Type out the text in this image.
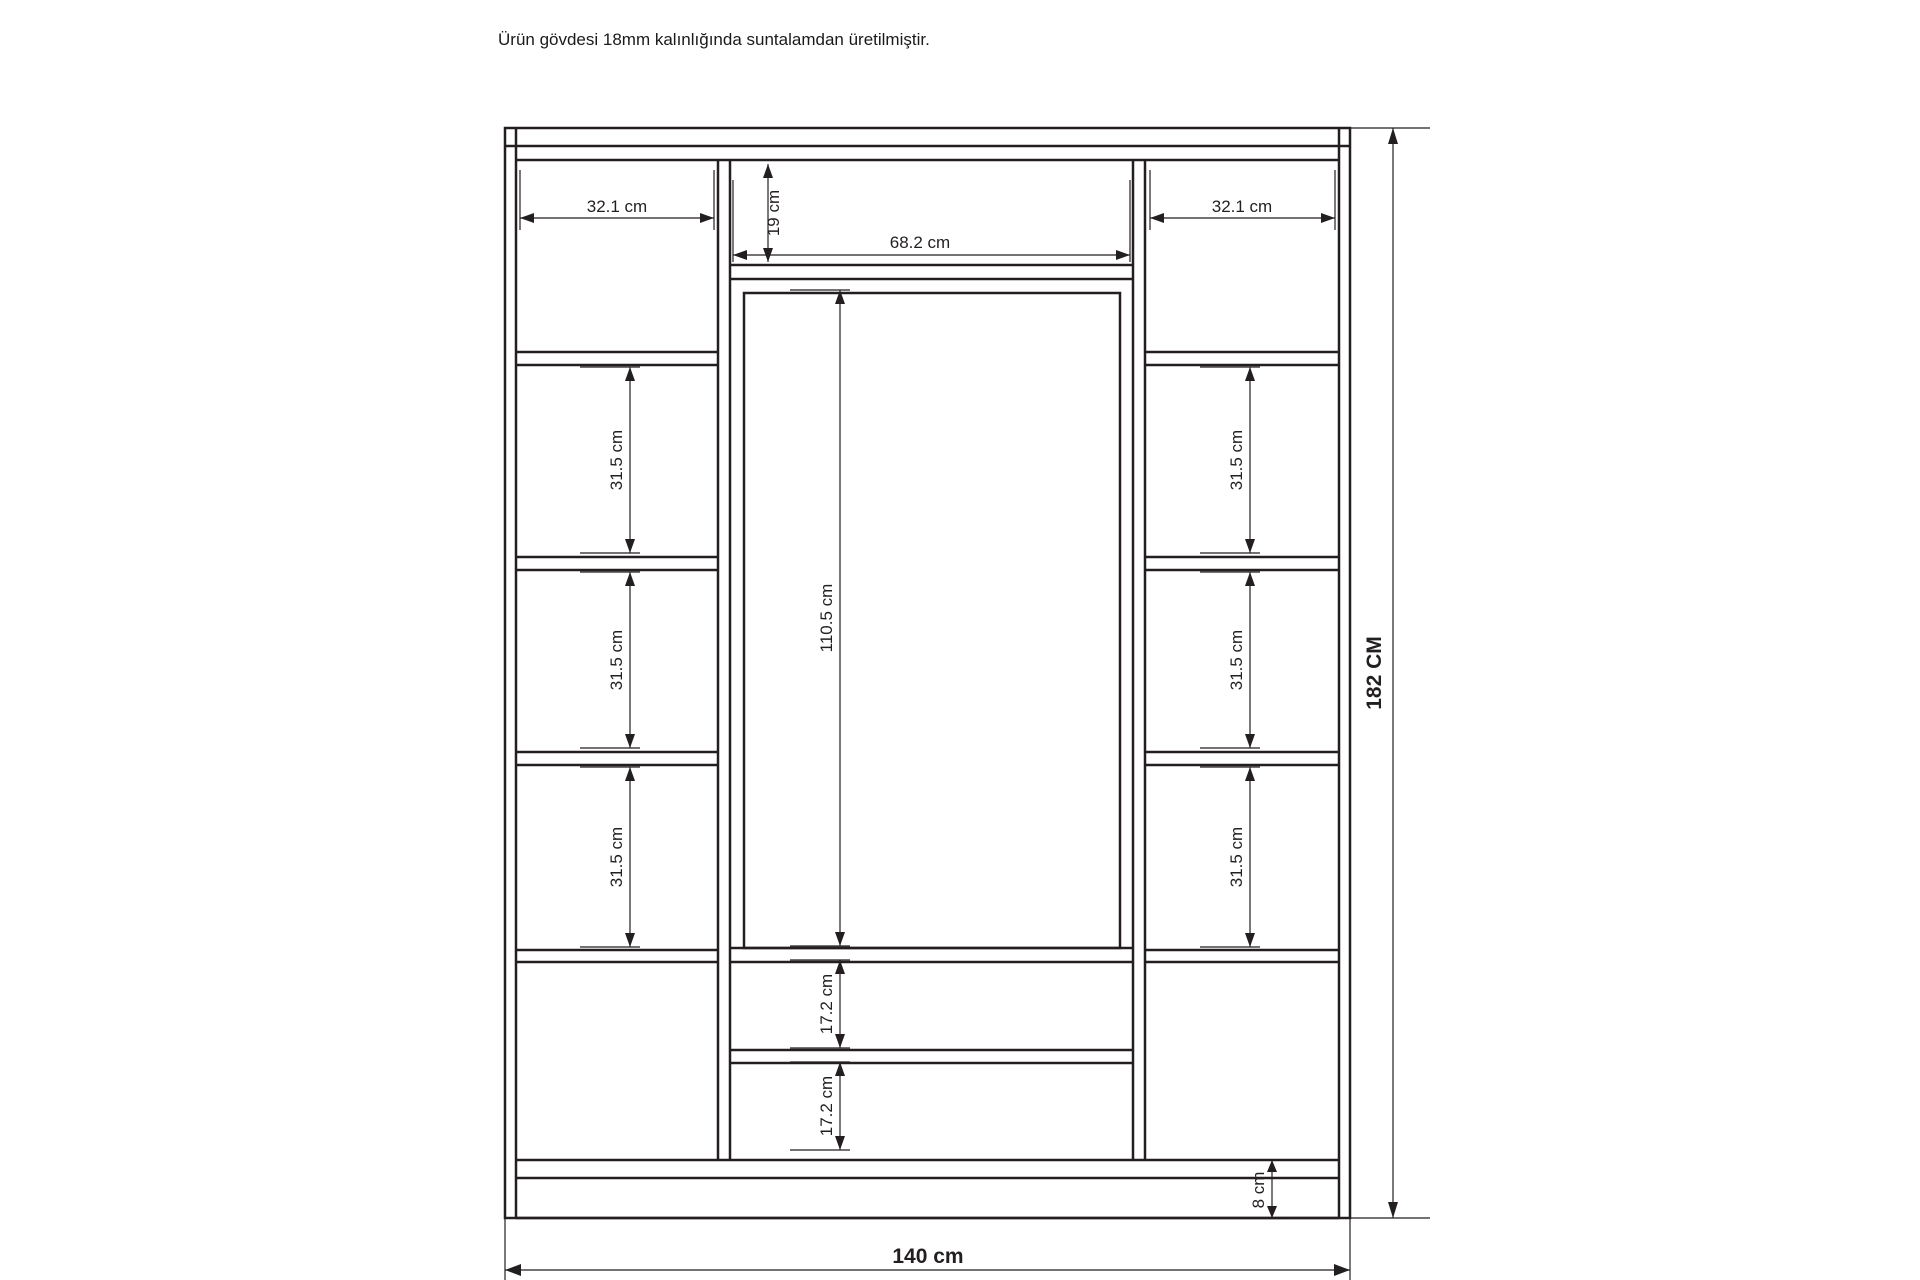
Ürün gövdesi 18mm kalınlığında suntalamdan üretilmiştir.
32.1 cm	32.1 cm
19 cm
68.2 cm
31.5 cm
31.5 cm
31.5 cm
31.5 cm
31.5 cm
31.5 cm
110.5 cm
17.2 cm
17.2 cm
8 cm
182 CM
140 cm
